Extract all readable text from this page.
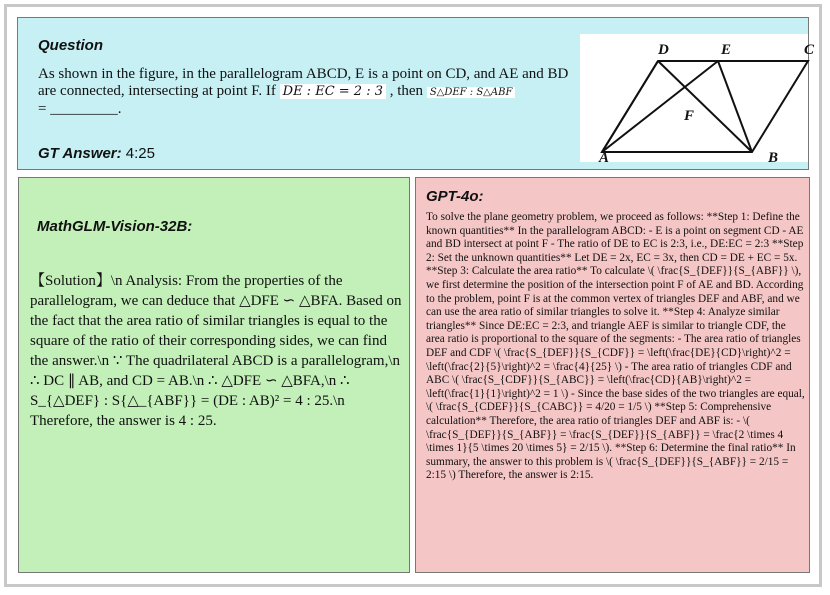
Question
As shown in the figure, in the parallelogram ABCD, E is a point on CD, and AE and BD are connected, intersecting at point F. If DE : EC = 2 : 3 , then S△DEF : S△ABF
= _________.
GT Answer: 4:25
D	E	C
F
A	B
MathGLM-Vision-32B:
【Solution】\n Analysis: From the properties of the parallelogram, we can deduce that △DFE ∽ △BFA. Based on the fact that the area ratio of similar triangles is equal to the square of the ratio of their corresponding sides, we can find the answer.\n ∵ The quadrilateral ABCD is a parallelogram,\n ∴ DC ∥ AB, and CD = AB.\n ∴ △DFE ∽ △BFA,\n ∴ S_{△DEF} : S{△_{ABF}} = (DE : AB)² = 4 : 25.\n Therefore, the answer is 4 : 25.
GPT-4o:
To solve the plane geometry problem, we proceed as follows: **Step 1: Define the known quantities** In the parallelogram ABCD: - E is a point on segment CD - AE and BD intersect at point F - The ratio of DE to EC is 2:3, i.e., DE:EC = 2:3 **Step 2: Set the unknown quantities** Let DE = 2x, EC = 3x, then CD = DE + EC = 5x. **Step 3: Calculate the area ratio** To calculate \( \frac{S_{DEF}}{S_{ABF}} \), we first determine the position of the intersection point F of AE and BD. According to the problem, point F is at the common vertex of triangles DEF and ABF, and we can use the area ratio of similar triangles to solve it. **Step 4: Analyze similar triangles** Since DE:EC = 2:3, and triangle AEF is similar to triangle CDF, the area ratio is proportional to the square of the segments: - The area ratio of triangles DEF and CDF \( \frac{S_{DEF}}{S_{CDF}} = \left(\frac{DE}{CD}\right)^2 = \left(\frac{2}{5}\right)^2 = \frac{4}{25} \) - The area ratio of triangles CDF and ABC \( \frac{S_{CDF}}{S_{ABC}} = \left(\frac{CD}{AB}\right)^2 = \left(\frac{1}{1}\right)^2 = 1 \) - Since the base sides of the two triangles are equal, \( \frac{S_{CDEF}}{S_{CABC}} = 4/20 = 1/5 \) **Step 5: Comprehensive calculation** Therefore, the area ratio of triangles DEF and ABF is: - \( \frac{S_{DEF}}{S_{ABF}} = \frac{S_{DEF}}{S_{ABF}} = \frac{2 \times 4 \times 1}{5 \times 20 \times 5} = 2/15 \). **Step 6: Determine the final ratio** In summary, the answer to this problem is \( \frac{S_{DEF}}{S_{ABF}} = 2/15 = 2:15 \) Therefore, the answer is 2:15.
